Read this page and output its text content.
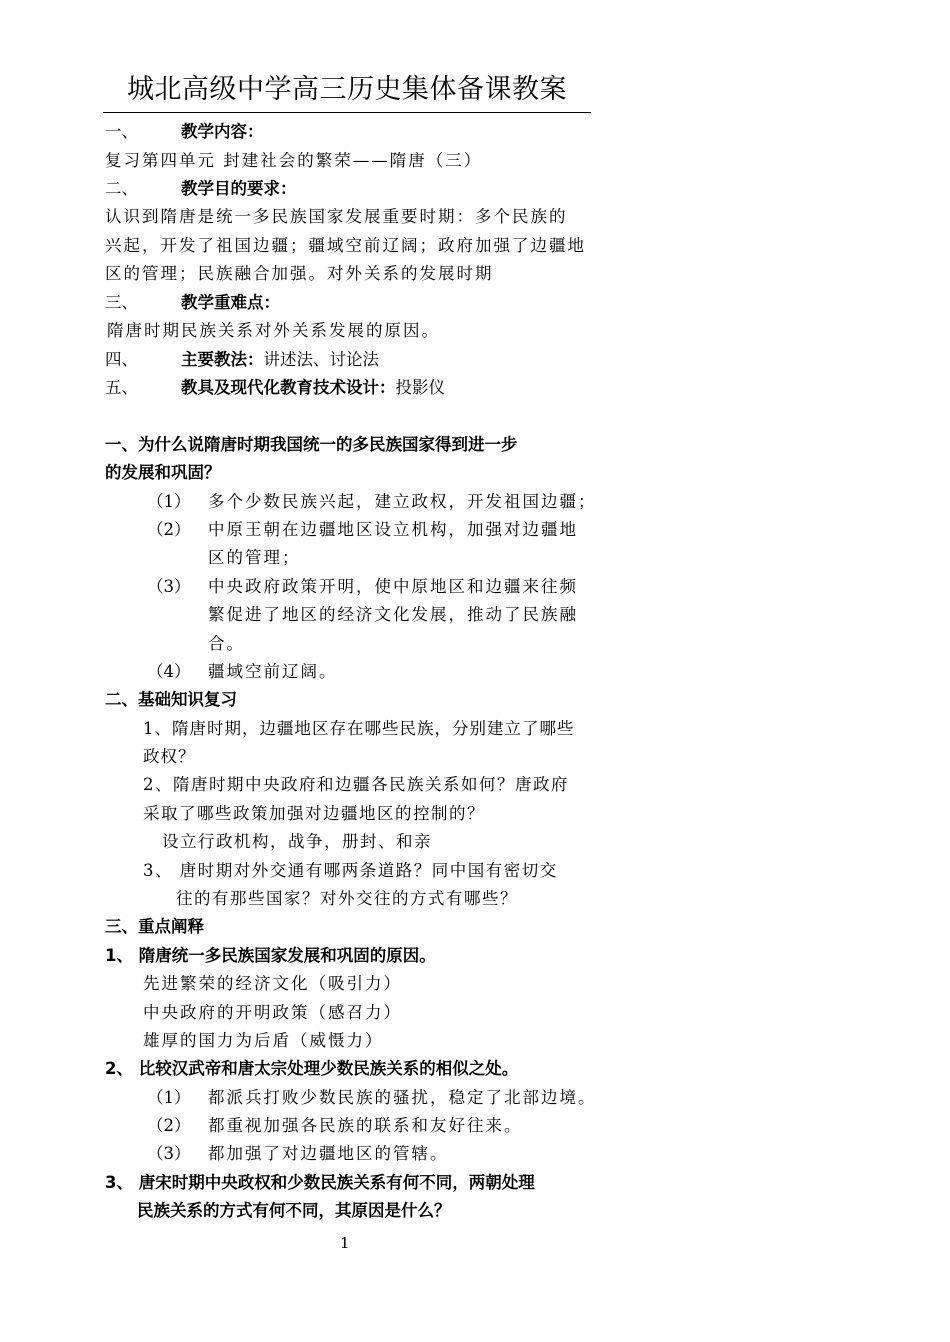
城北高级中学高三历史集体备课教案
一、	教学内容：
复习第四单元 封建社会的繁荣——隋唐（三）
二、	教学目的要求：
认识到隋唐是统一多民族国家发展重要时期：多个民族的
兴起，开发了祖国边疆；疆域空前辽阔；政府加强了边疆地
区的管理；民族融合加强。对外关系的发展时期
三、	教学重难点：
隋唐时期民族关系对外关系发展的原因。
四、	主要教法：讲述法、讨论法
五、	教具及现代化教育技术设计：投影仪
一、为什么说隋唐时期我国统一的多民族国家得到进一步
的发展和巩固？
（1） 多个少数民族兴起，建立政权，开发祖国边疆；
（2） 中原王朝在边疆地区设立机构，加强对边疆地
区的管理；
（3） 中央政府政策开明，使中原地区和边疆来往频
繁促进了地区的经济文化发展，推动了民族融
合。
（4） 疆域空前辽阔。
二、基础知识复习
1、隋唐时期，边疆地区存在哪些民族，分别建立了哪些
政权？
2、隋唐时期中央政府和边疆各民族关系如何？唐政府
采取了哪些政策加强对边疆地区的控制的？
设立行政机构，战争，册封、和亲
3、 唐时期对外交通有哪两条道路？同中国有密切交
往的有那些国家？对外交往的方式有哪些？
三、重点阐释
1、 隋唐统一多民族国家发展和巩固的原因。
先进繁荣的经济文化（吸引力）
中央政府的开明政策（感召力）
雄厚的国力为后盾（威慑力）
2、 比较汉武帝和唐太宗处理少数民族关系的相似之处。
（1） 都派兵打败少数民族的骚扰，稳定了北部边境。
（2） 都重视加强各民族的联系和友好往来。
（3） 都加强了对边疆地区的管辖。
3、 唐宋时期中央政权和少数民族关系有何不同，两朝处理
民族关系的方式有何不同，其原因是什么？
1
